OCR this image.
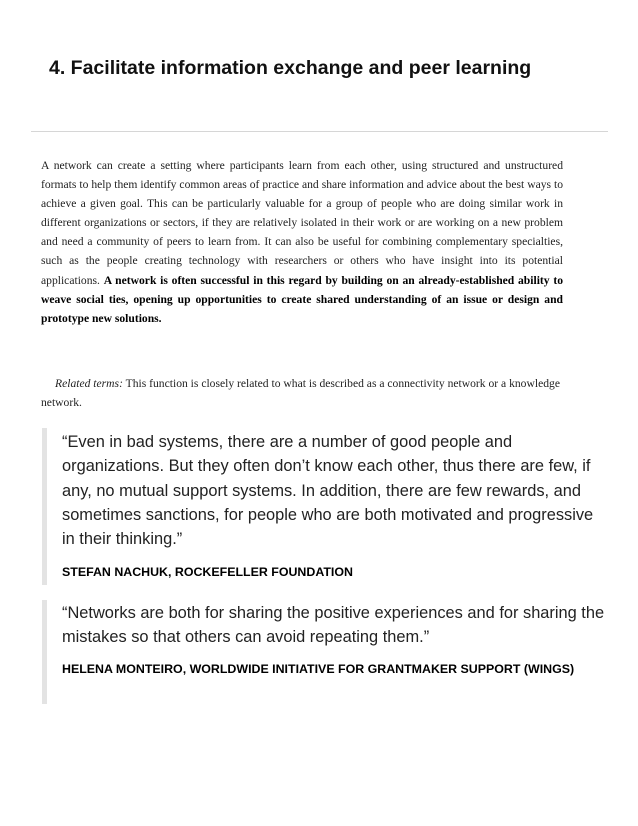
4. Facilitate information exchange and peer learning

A network can create a setting where participants learn from each other, using structured and unstructured formats to help them identify common areas of practice and share information and advice about the best ways to achieve a given goal. This can be particularly valuable for a group of people who are doing similar work in different organizations or sectors, if they are relatively isolated in their work or are working on a new problem and need a community of peers to learn from. It can also be useful for combining complementary specialties, such as the people creating technology with researchers or others who have insight into its potential applications. A network is often successful in this regard by building on an already-established ability to weave social ties, opening up opportunities to create shared understanding of an issue or design and prototype new solutions.

Related terms: This function is closely related to what is described as a connectivity network or a knowledge network.

“Even in bad systems, there are a number of good people and organizations. But they often don’t know each other, thus there are few, if any, no mutual support systems. In addition, there are few rewards, and sometimes sanctions, for people who are both motivated and progressive in their thinking.”

STEFAN NACHUK, ROCKEFELLER FOUNDATION

“Networks are both for sharing the positive experiences and for sharing the mistakes so that others can avoid repeating them.”

HELENA MONTEIRO, WORLDWIDE INITIATIVE FOR GRANTMAKER SUPPORT (WINGS)
